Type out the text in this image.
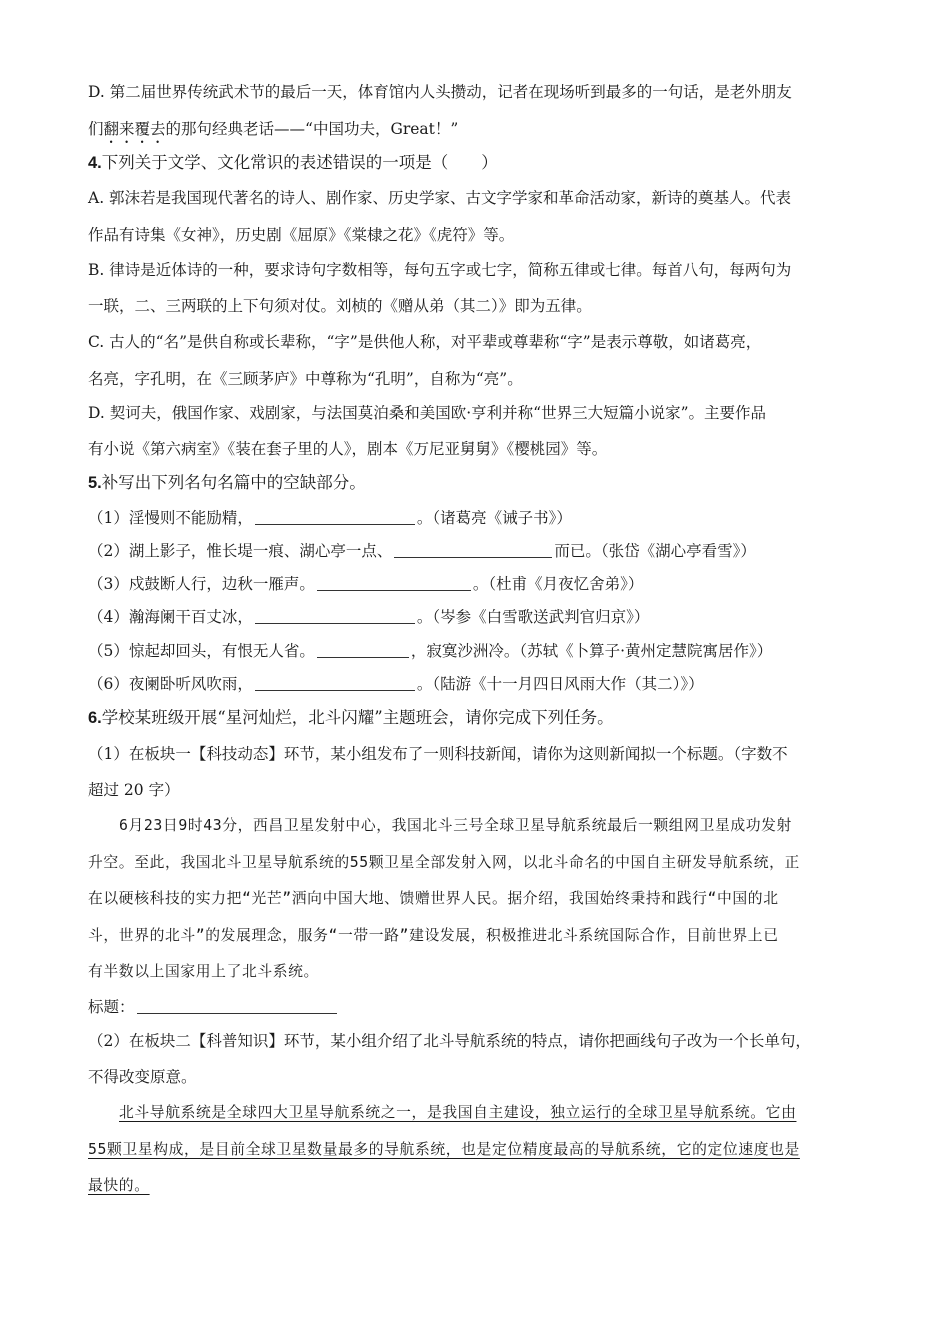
D. 第二届世界传统武术节的最后一天，体育馆内人头攒动，记者在现场听到最多的一句话，是老外朋友
们翻来覆去的那句经典老话——“中国功夫，Great！”
4.下列关于文学、文化常识的表述错误的一项是（　　）
A. 郭沫若是我国现代著名的诗人、剧作家、历史学家、古文字学家和革命活动家，新诗的奠基人。代表
作品有诗集《女神》，历史剧《屈原》《棠棣之花》《虎符》等。
B. 律诗是近体诗的一种，要求诗句字数相等，每句五字或七字，简称五律或七律。每首八句，每两句为
一联，二、三两联的上下句须对仗。刘桢的《赠从弟（其二）》即为五律。
C. 古人的“名”是供自称或长辈称，“字”是供他人称，对平辈或尊辈称“字”是表示尊敬，如诸葛亮，
名亮，字孔明，在《三顾茅庐》中尊称为“孔明”，自称为“亮”。
D. 契诃夫，俄国作家、戏剧家，与法国莫泊桑和美国欧·亨利并称“世界三大短篇小说家”。主要作品
有小说《第六病室》《装在套子里的人》，剧本《万尼亚舅舅》《樱桃园》等。
5.补写出下列名句名篇中的空缺部分。
（1）淫慢则不能励精，	。（诸葛亮《诫子书》）
（2）湖上影子，惟长堤一痕、湖心亭一点、	而已。（张岱《湖心亭看雪》）
（3）戍鼓断人行，边秋一雁声。	。（杜甫《月夜忆舍弟》）
（4）瀚海阑干百丈冰，	。（岑参《白雪歌送武判官归京》）
（5）惊起却回头，有恨无人省。	，寂寞沙洲冷。（苏轼《卜算子·黄州定慧院寓居作》）
（6）夜阑卧听风吹雨，	。（陆游《十一月四日风雨大作（其二）》）
6.学校某班级开展“星河灿烂，北斗闪耀”主题班会，请你完成下列任务。
（1）在板块一【科技动态】环节，某小组发布了一则科技新闻，请你为这则新闻拟一个标题。（字数不
超过 20 字）
6月23日9时43分，西昌卫星发射中心，我国北斗三号全球卫星导航系统最后一颗组网卫星成功发射
升空。至此，我国北斗卫星导航系统的55颗卫星全部发射入网，以北斗命名的中国自主研发导航系统，正
在以硬核科技的实力把“光芒”洒向中国大地、馈赠世界人民。据介绍，我国始终秉持和践行“中国的北
斗，世界的北斗”的发展理念，服务“一带一路”建设发展，积极推进北斗系统国际合作，目前世界上已
有半数以上国家用上了北斗系统。
标题：
（2）在板块二【科普知识】环节，某小组介绍了北斗导航系统的特点，请你把画线句子改为一个长单句，
不得改变原意。
北斗导航系统是全球四大卫星导航系统之一，是我国自主建设，独立运行的全球卫星导航系统。它由
55颗卫星构成，是目前全球卫星数量最多的导航系统，也是定位精度最高的导航系统，它的定位速度也是
最快的。
